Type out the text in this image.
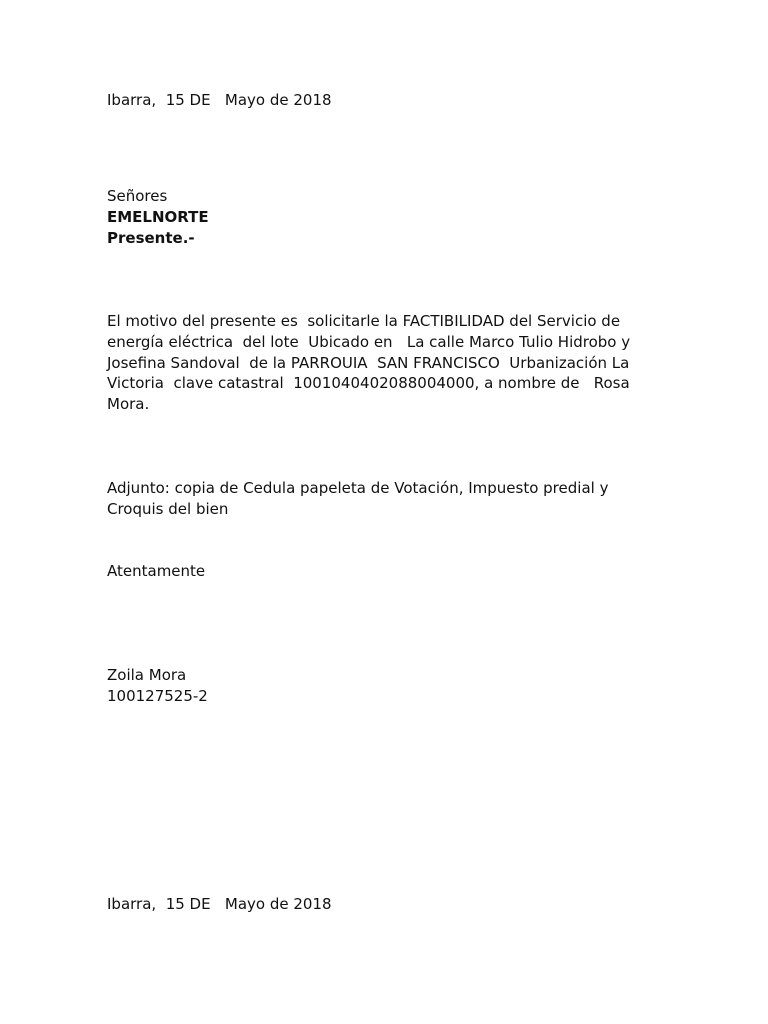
Ibarra,  15 DE   Mayo de 2018
Señores
EMELNORTE
Presente.-
El motivo del presente es  solicitarle la FACTIBILIDAD del Servicio de
energía eléctrica  del lote  Ubicado en   La calle Marco Tulio Hidrobo y
Josefina Sandoval  de la PARROUIA  SAN FRANCISCO  Urbanización La
Victoria  clave catastral  1001040402088004000, a nombre de   Rosa
Mora.
Adjunto: copia de Cedula papeleta de Votación, Impuesto predial y
Croquis del bien
Atentamente
Zoila Mora
100127525-2
Ibarra,  15 DE   Mayo de 2018
